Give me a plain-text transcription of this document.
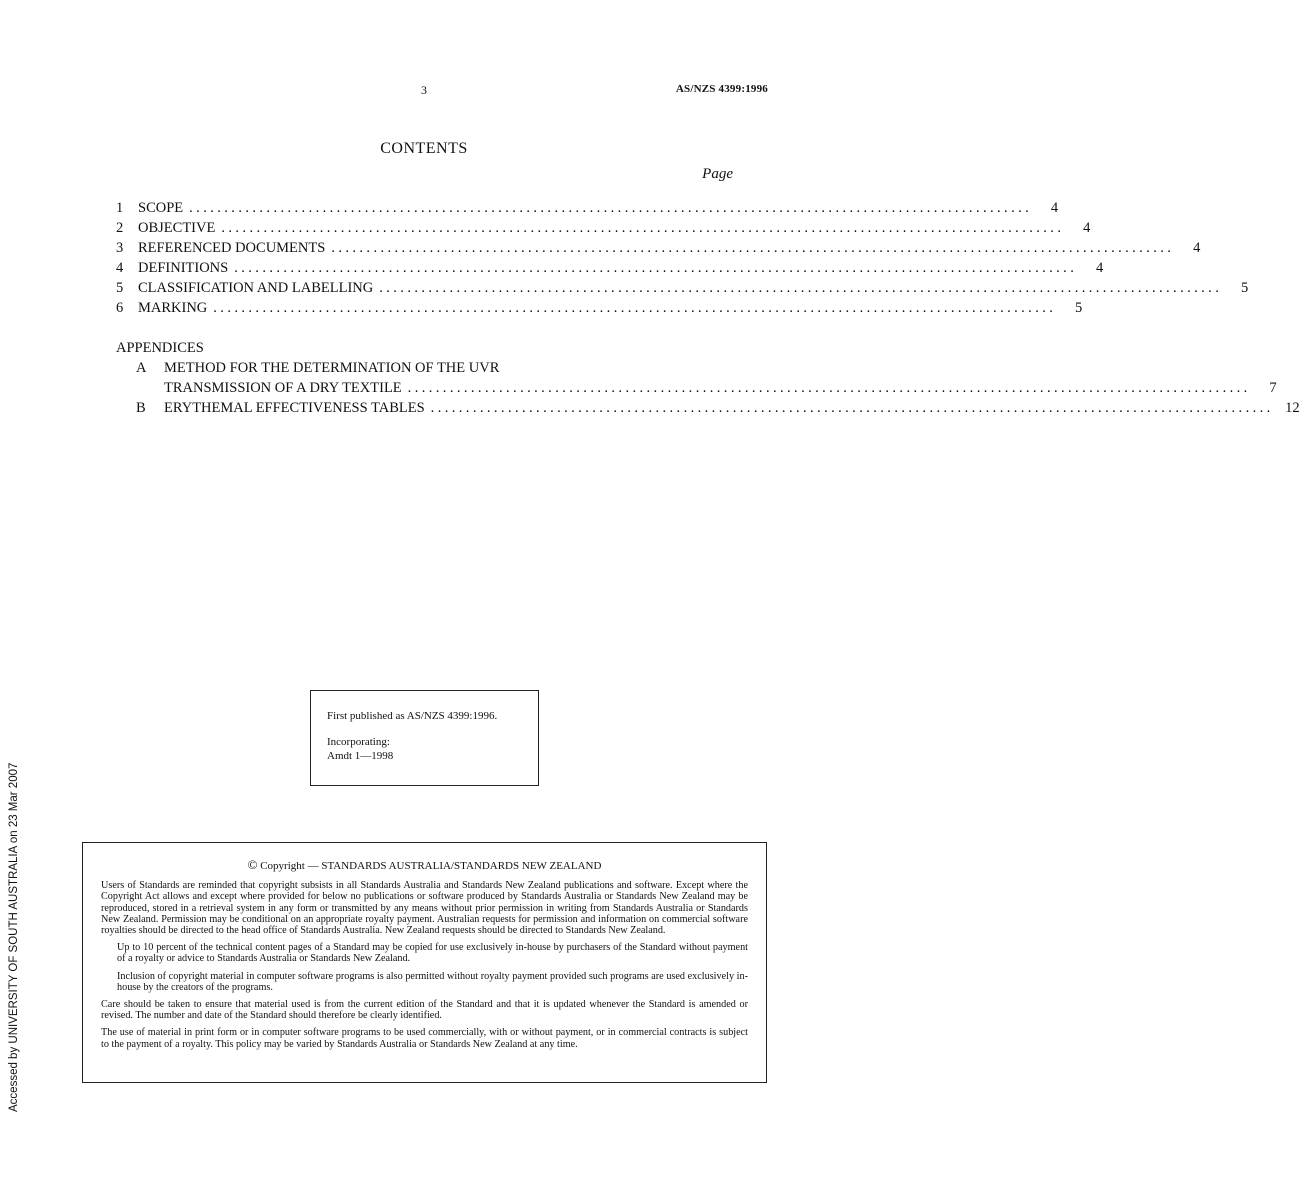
3	AS/NZS 4399:1996
CONTENTS
Page
1	SCOPE ........................................................................................................................	4
2	OBJECTIVE ........................................................................................................................	4
3	REFERENCED DOCUMENTS ........................................................................................................................	4
4	DEFINITIONS ........................................................................................................................	4
5	CLASSIFICATION AND LABELLING ........................................................................................................................	5
6	MARKING ........................................................................................................................	5
APPENDICES
A	METHOD FOR THE DETERMINATION OF THE UVR
TRANSMISSION OF A DRY TEXTILE ........................................................................................................................	7
B	ERYTHEMAL EFFECTIVENESS TABLES ........................................................................................................................ 12

First published as AS/NZS 4399:1996.

Incorporating:

Amdt 1—1998

Accessed by UNIVERSITY OF SOUTH AUSTRALIA on 23 Mar 2007	© Copyright — STANDARDS AUSTRALIA/STANDARDS NEW ZEALAND

Users of Standards are reminded that copyright subsists in all Standards Australia and Standards New Zealand publications and software. Except where the Copyright Act allows and except where provided for below no publications or software produced by Standards Australia or Standards New Zealand may be reproduced, stored in a retrieval system in any form or transmitted by any means without prior permission in writing from Standards Australia or Standards New Zealand. Permission may be conditional on an appropriate royalty payment. Australian requests for permission and information on commercial software royalties should be directed to the head office of Standards Australia. New Zealand requests should be directed to Standards New Zealand.

Up to 10 percent of the technical content pages of a Standard may be copied for use exclusively in-house by purchasers of the Standard without payment of a royalty or advice to Standards Australia or Standards New Zealand.

Inclusion of copyright material in computer software programs is also permitted without royalty payment provided such programs are used exclusively in-house by the creators of the programs.

Care should be taken to ensure that material used is from the current edition of the Standard and that it is updated whenever the Standard is amended or revised. The number and date of the Standard should therefore be clearly identified.

The use of material in print form or in computer software programs to be used commercially, with or without payment, or in commercial contracts is subject to the payment of a royalty. This policy may be varied by Standards Australia or Standards New Zealand at any time.
